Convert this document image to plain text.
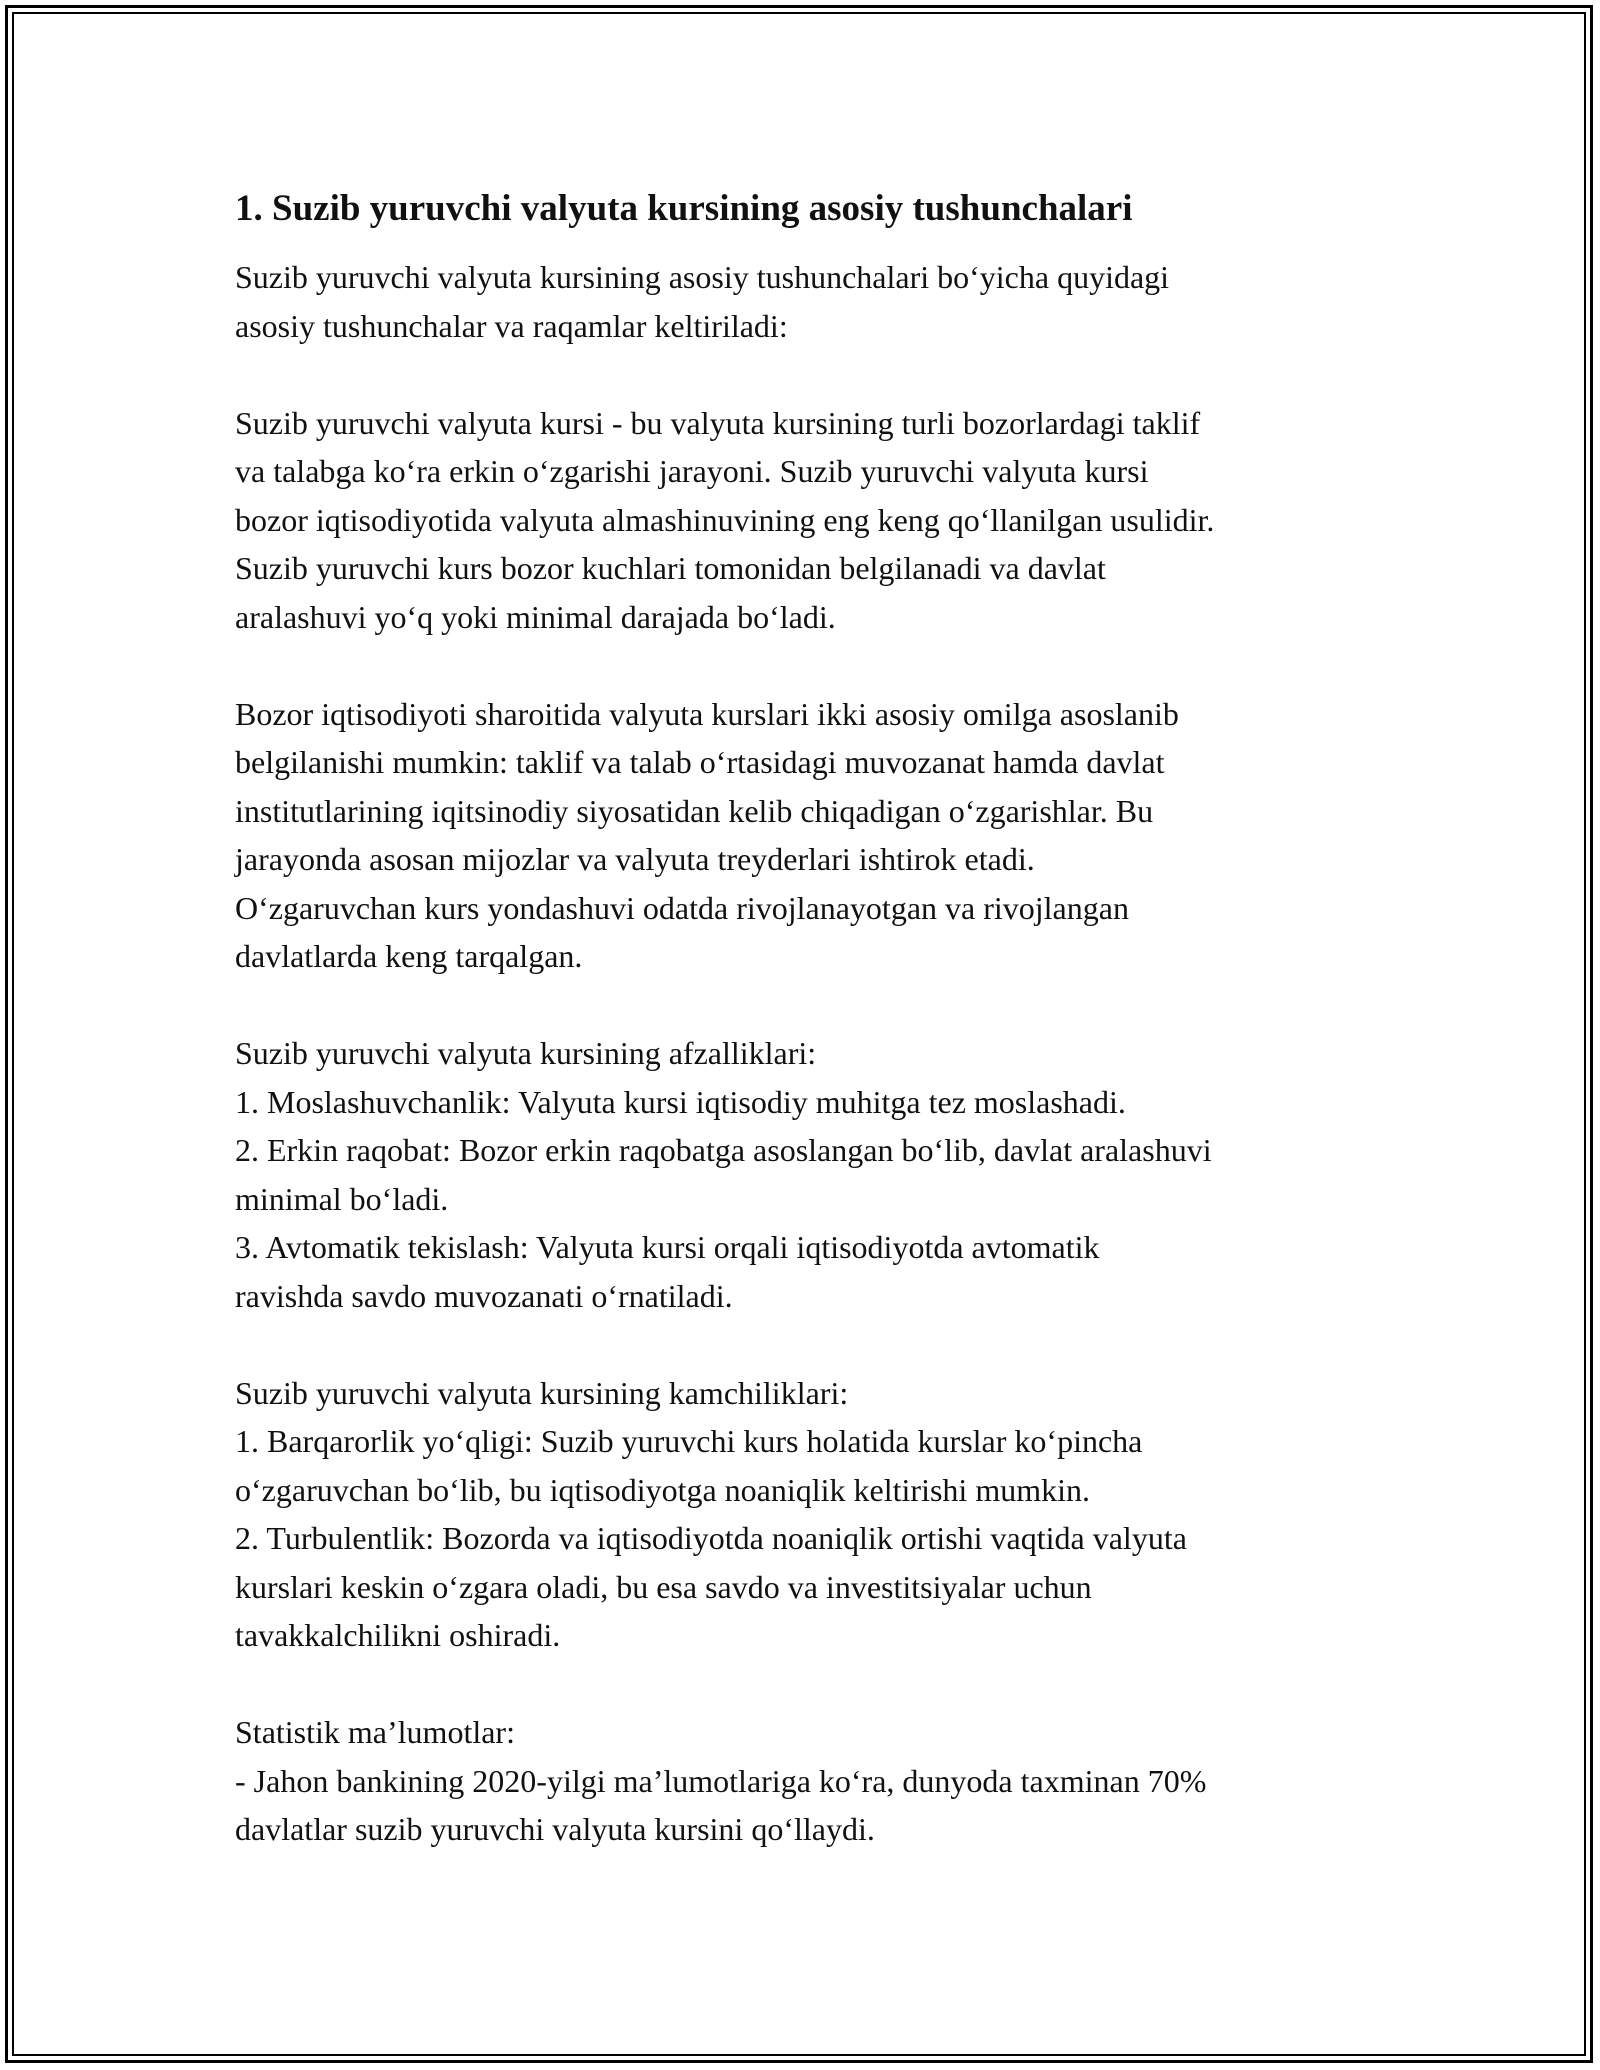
1. Suzib yuruvchi valyuta kursining asosiy tushunchalari
Suzib yuruvchi valyuta kursining asosiy tushunchalari bo‘yicha quyidagi
asosiy tushunchalar va raqamlar keltiriladi:
Suzib yuruvchi valyuta kursi - bu valyuta kursining turli bozorlardagi taklif
va talabga ko‘ra erkin o‘zgarishi jarayoni. Suzib yuruvchi valyuta kursi
bozor iqtisodiyotida valyuta almashinuvining eng keng qo‘llanilgan usulidir.
Suzib yuruvchi kurs bozor kuchlari tomonidan belgilanadi va davlat
aralashuvi yo‘q yoki minimal darajada bo‘ladi.
Bozor iqtisodiyoti sharoitida valyuta kurslari ikki asosiy omilga asoslanib
belgilanishi mumkin: taklif va talab o‘rtasidagi muvozanat hamda davlat
institutlarining iqitsinodiy siyosatidan kelib chiqadigan o‘zgarishlar. Bu
jarayonda asosan mijozlar va valyuta treyderlari ishtirok etadi.
O‘zgaruvchan kurs yondashuvi odatda rivojlanayotgan va rivojlangan
davlatlarda keng tarqalgan.
Suzib yuruvchi valyuta kursining afzalliklari:
1. Moslashuvchanlik: Valyuta kursi iqtisodiy muhitga tez moslashadi.
2. Erkin raqobat: Bozor erkin raqobatga asoslangan bo‘lib, davlat aralashuvi
minimal bo‘ladi.
3. Avtomatik tekislash: Valyuta kursi orqali iqtisodiyotda avtomatik
ravishda savdo muvozanati o‘rnatiladi.
Suzib yuruvchi valyuta kursining kamchiliklari:
1. Barqarorlik yo‘qligi: Suzib yuruvchi kurs holatida kurslar ko‘pincha
o‘zgaruvchan bo‘lib, bu iqtisodiyotga noaniqlik keltirishi mumkin.
2. Turbulentlik: Bozorda va iqtisodiyotda noaniqlik ortishi vaqtida valyuta
kurslari keskin o‘zgara oladi, bu esa savdo va investitsiyalar uchun
tavakkalchilikni oshiradi.
Statistik ma’lumotlar:
- Jahon bankining 2020-yilgi ma’lumotlariga ko‘ra, dunyoda taxminan 70%
davlatlar suzib yuruvchi valyuta kursini qo‘llaydi.
